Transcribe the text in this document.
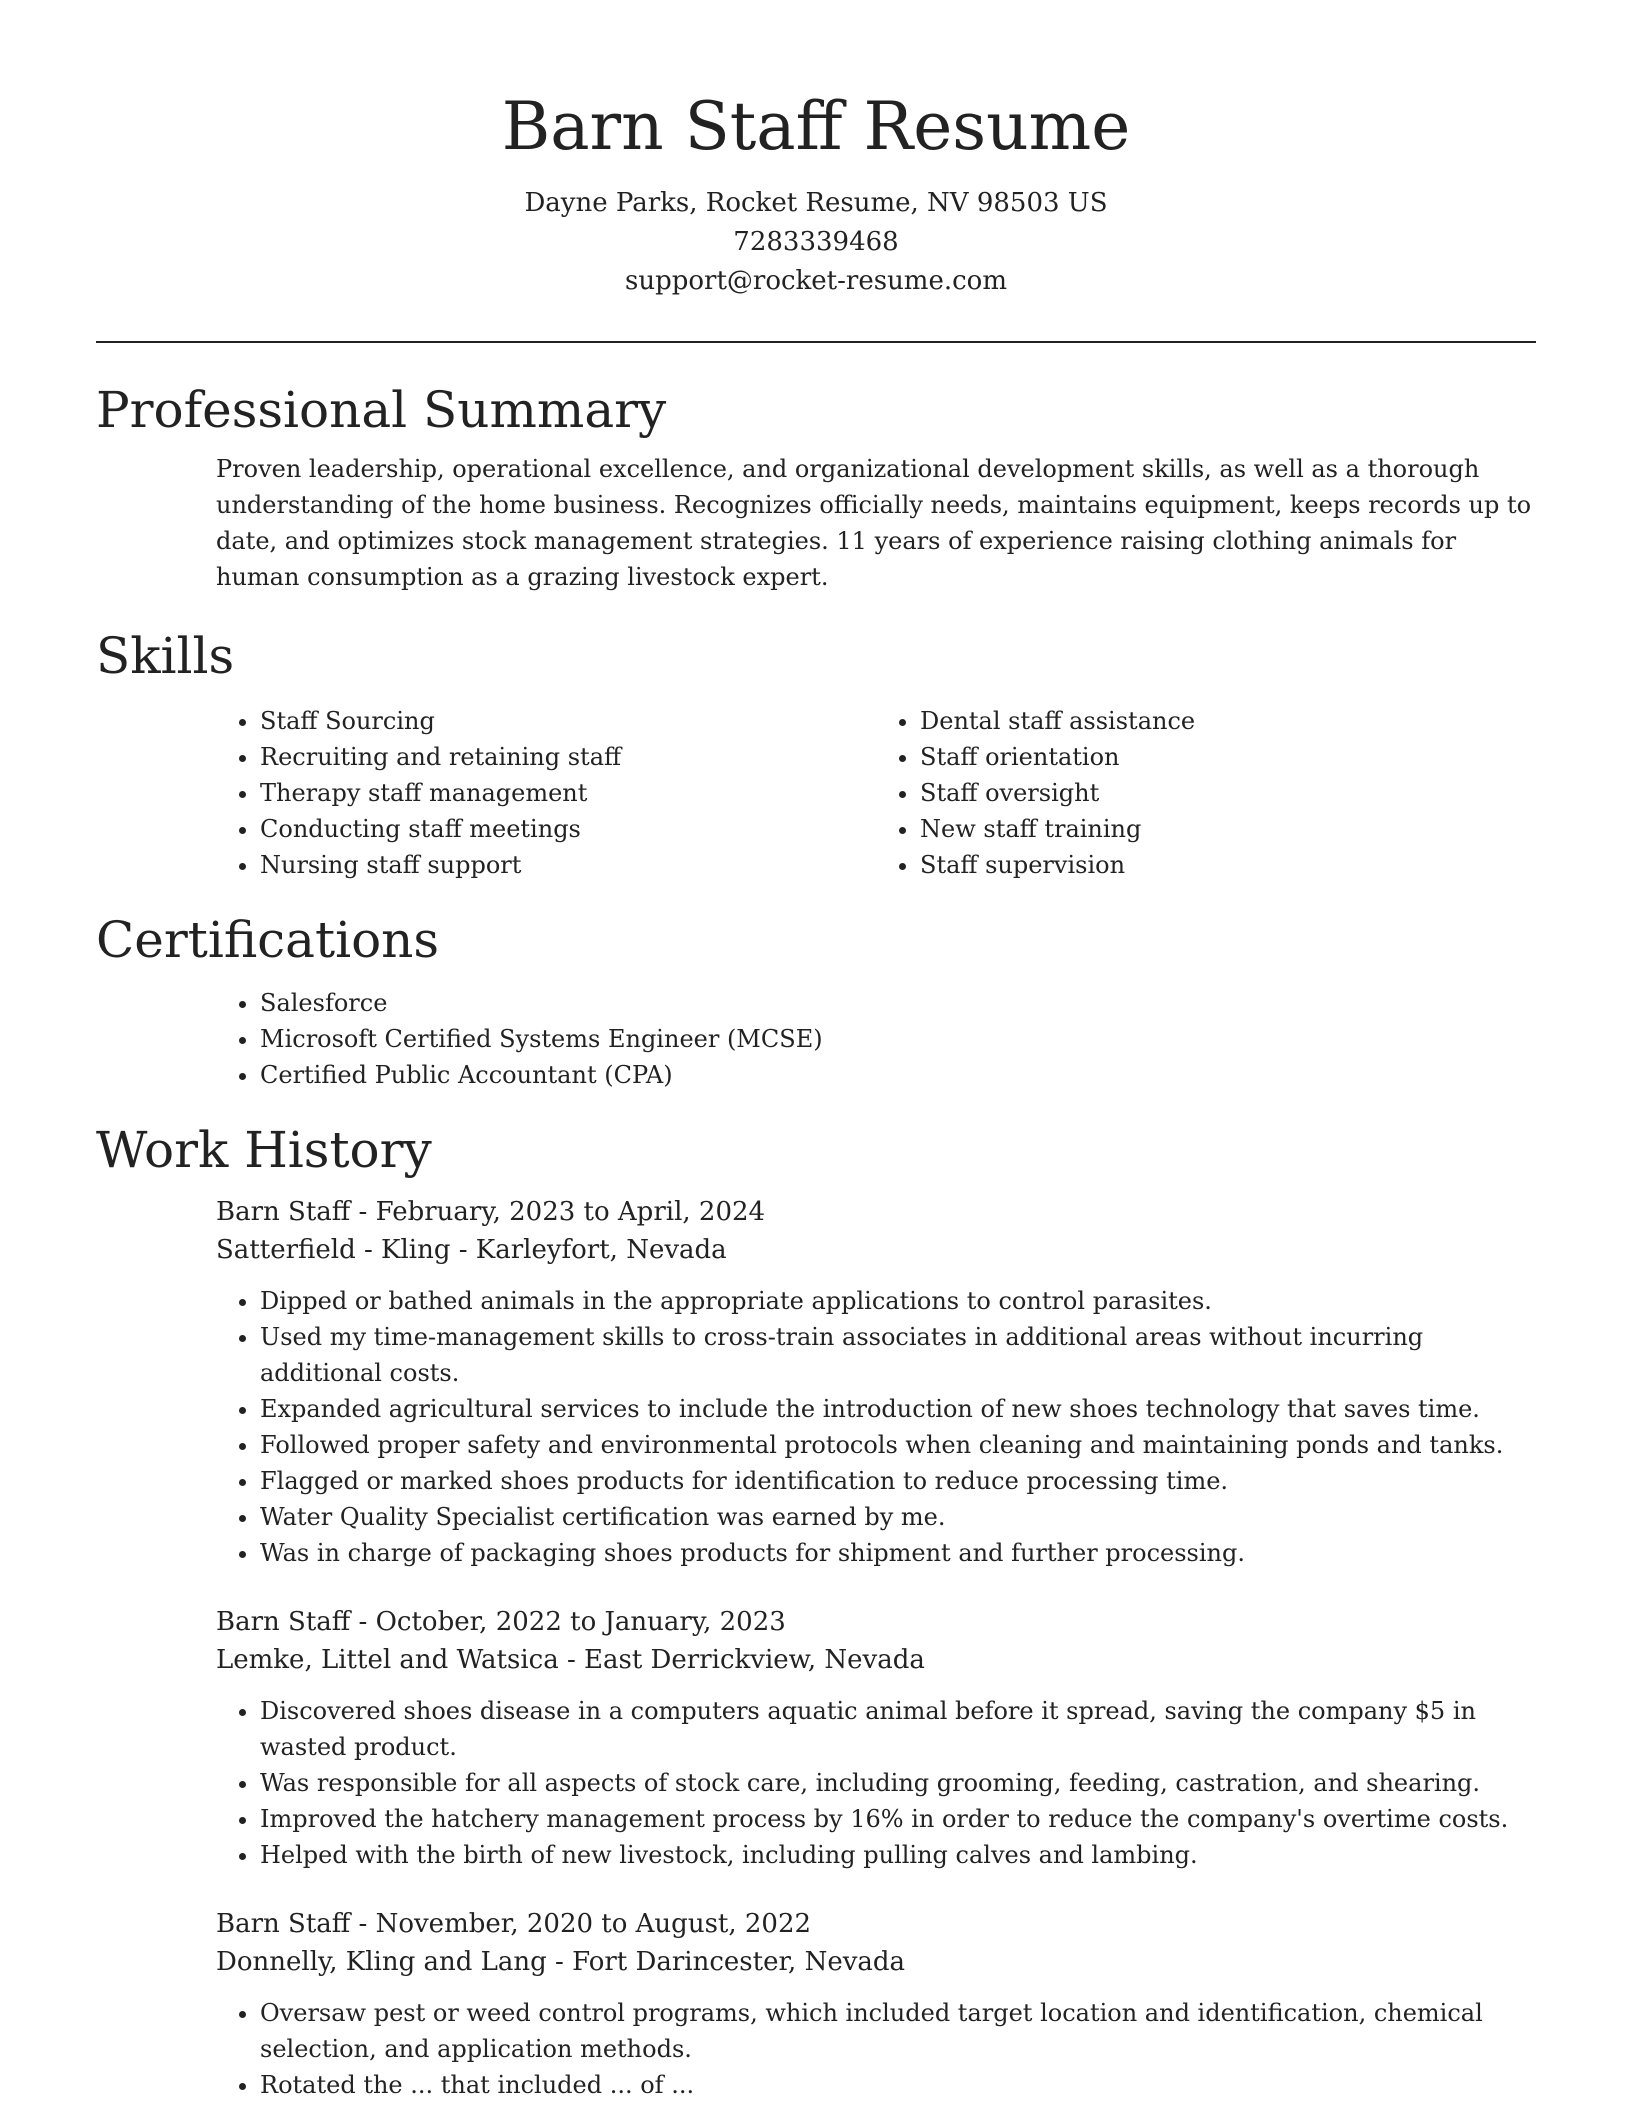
Barn Staff Resume
Dayne Parks, Rocket Resume, NV 98503 US
7283339468
support@rocket-resume.com
Professional Summary
Proven leadership, operational excellence, and organizational development skills, as well as a thorough understanding of the home business. Recognizes officially needs, maintains equipment, keeps records up to date, and optimizes stock management strategies. 11 years of experience raising clothing animals for human consumption as a grazing livestock expert.
Skills
• Staff Sourcing
• Recruiting and retaining staff
• Therapy staff management
• Conducting staff meetings
• Nursing staff support
• Dental staff assistance
• Staff orientation
• Staff oversight
• New staff training
• Staff supervision
Certifications
• Salesforce
• Microsoft Certified Systems Engineer (MCSE)
• Certified Public Accountant (CPA)
Work History
Barn Staff - February, 2023 to April, 2024
Satterfield - Kling - Karleyfort, Nevada
• Dipped or bathed animals in the appropriate applications to control parasites.
• Used my time-management skills to cross-train associates in additional areas without incurring additional costs.
• Expanded agricultural services to include the introduction of new shoes technology that saves time.
• Followed proper safety and environmental protocols when cleaning and maintaining ponds and tanks.
• Flagged or marked shoes products for identification to reduce processing time.
• Water Quality Specialist certification was earned by me.
• Was in charge of packaging shoes products for shipment and further processing.
Barn Staff - October, 2022 to January, 2023
Lemke, Littel and Watsica - East Derrickview, Nevada
• Discovered shoes disease in a computers aquatic animal before it spread, saving the company $5 in wasted product.
• Was responsible for all aspects of stock care, including grooming, feeding, castration, and shearing.
• Improved the hatchery management process by 16% in order to reduce the company's overtime costs.
• Helped with the birth of new livestock, including pulling calves and lambing.
Barn Staff - November, 2020 to August, 2022
Donnelly, Kling and Lang - Fort Darincester, Nevada
• Oversaw pest or weed control programs, which included target location and identification, chemical selection, and application methods.
• Rotated the ... that included ... of ...
